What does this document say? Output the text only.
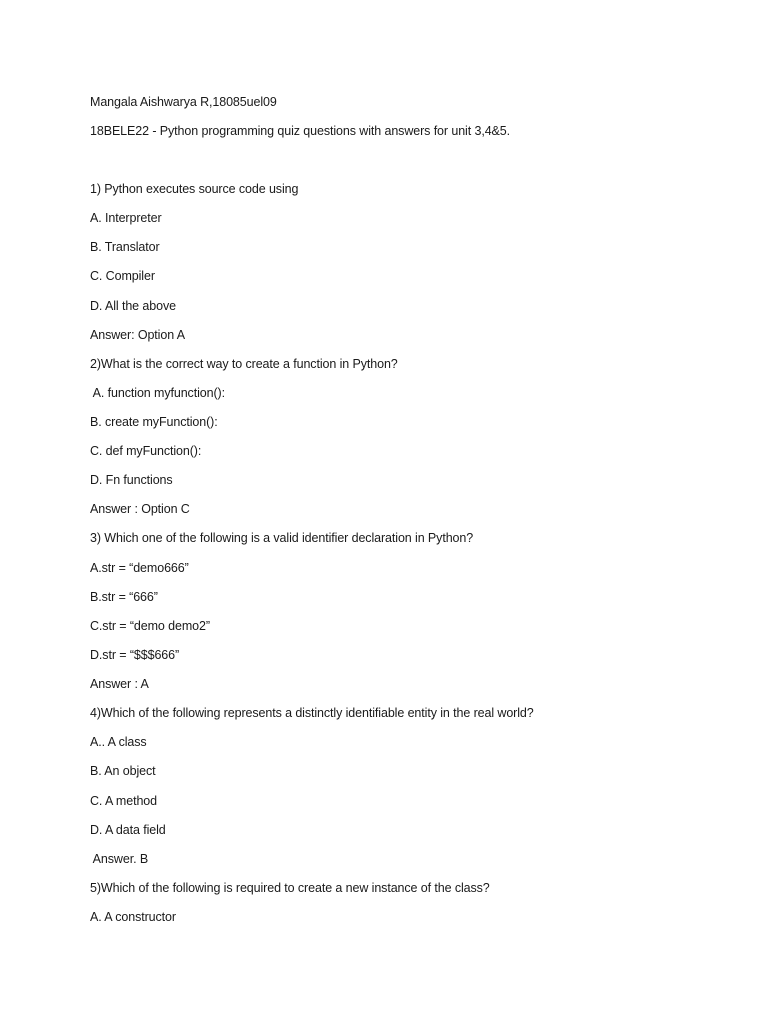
Mangala Aishwarya R,18085uel09
18BELE22 - Python programming quiz questions with answers for unit 3,4&5.
1) Python executes source code using
A. Interpreter
B. Translator
C. Compiler
D. All the above
Answer: Option A
2)What is the correct way to create a function in Python?
A. function myfunction():
B. create myFunction():
C. def myFunction():
D. Fn functions
Answer : Option C
3) Which one of the following is a valid identifier declaration in Python?
A.str = “demo666”
B.str = “666”
C.str = “demo demo2”
D.str = “$$$666”
Answer : A
4)Which of the following represents a distinctly identifiable entity in the real world?
A.. A class
B. An object
C. A method
D. A data field
Answer. B
5)Which of the following is required to create a new instance of the class?
A. A constructor
